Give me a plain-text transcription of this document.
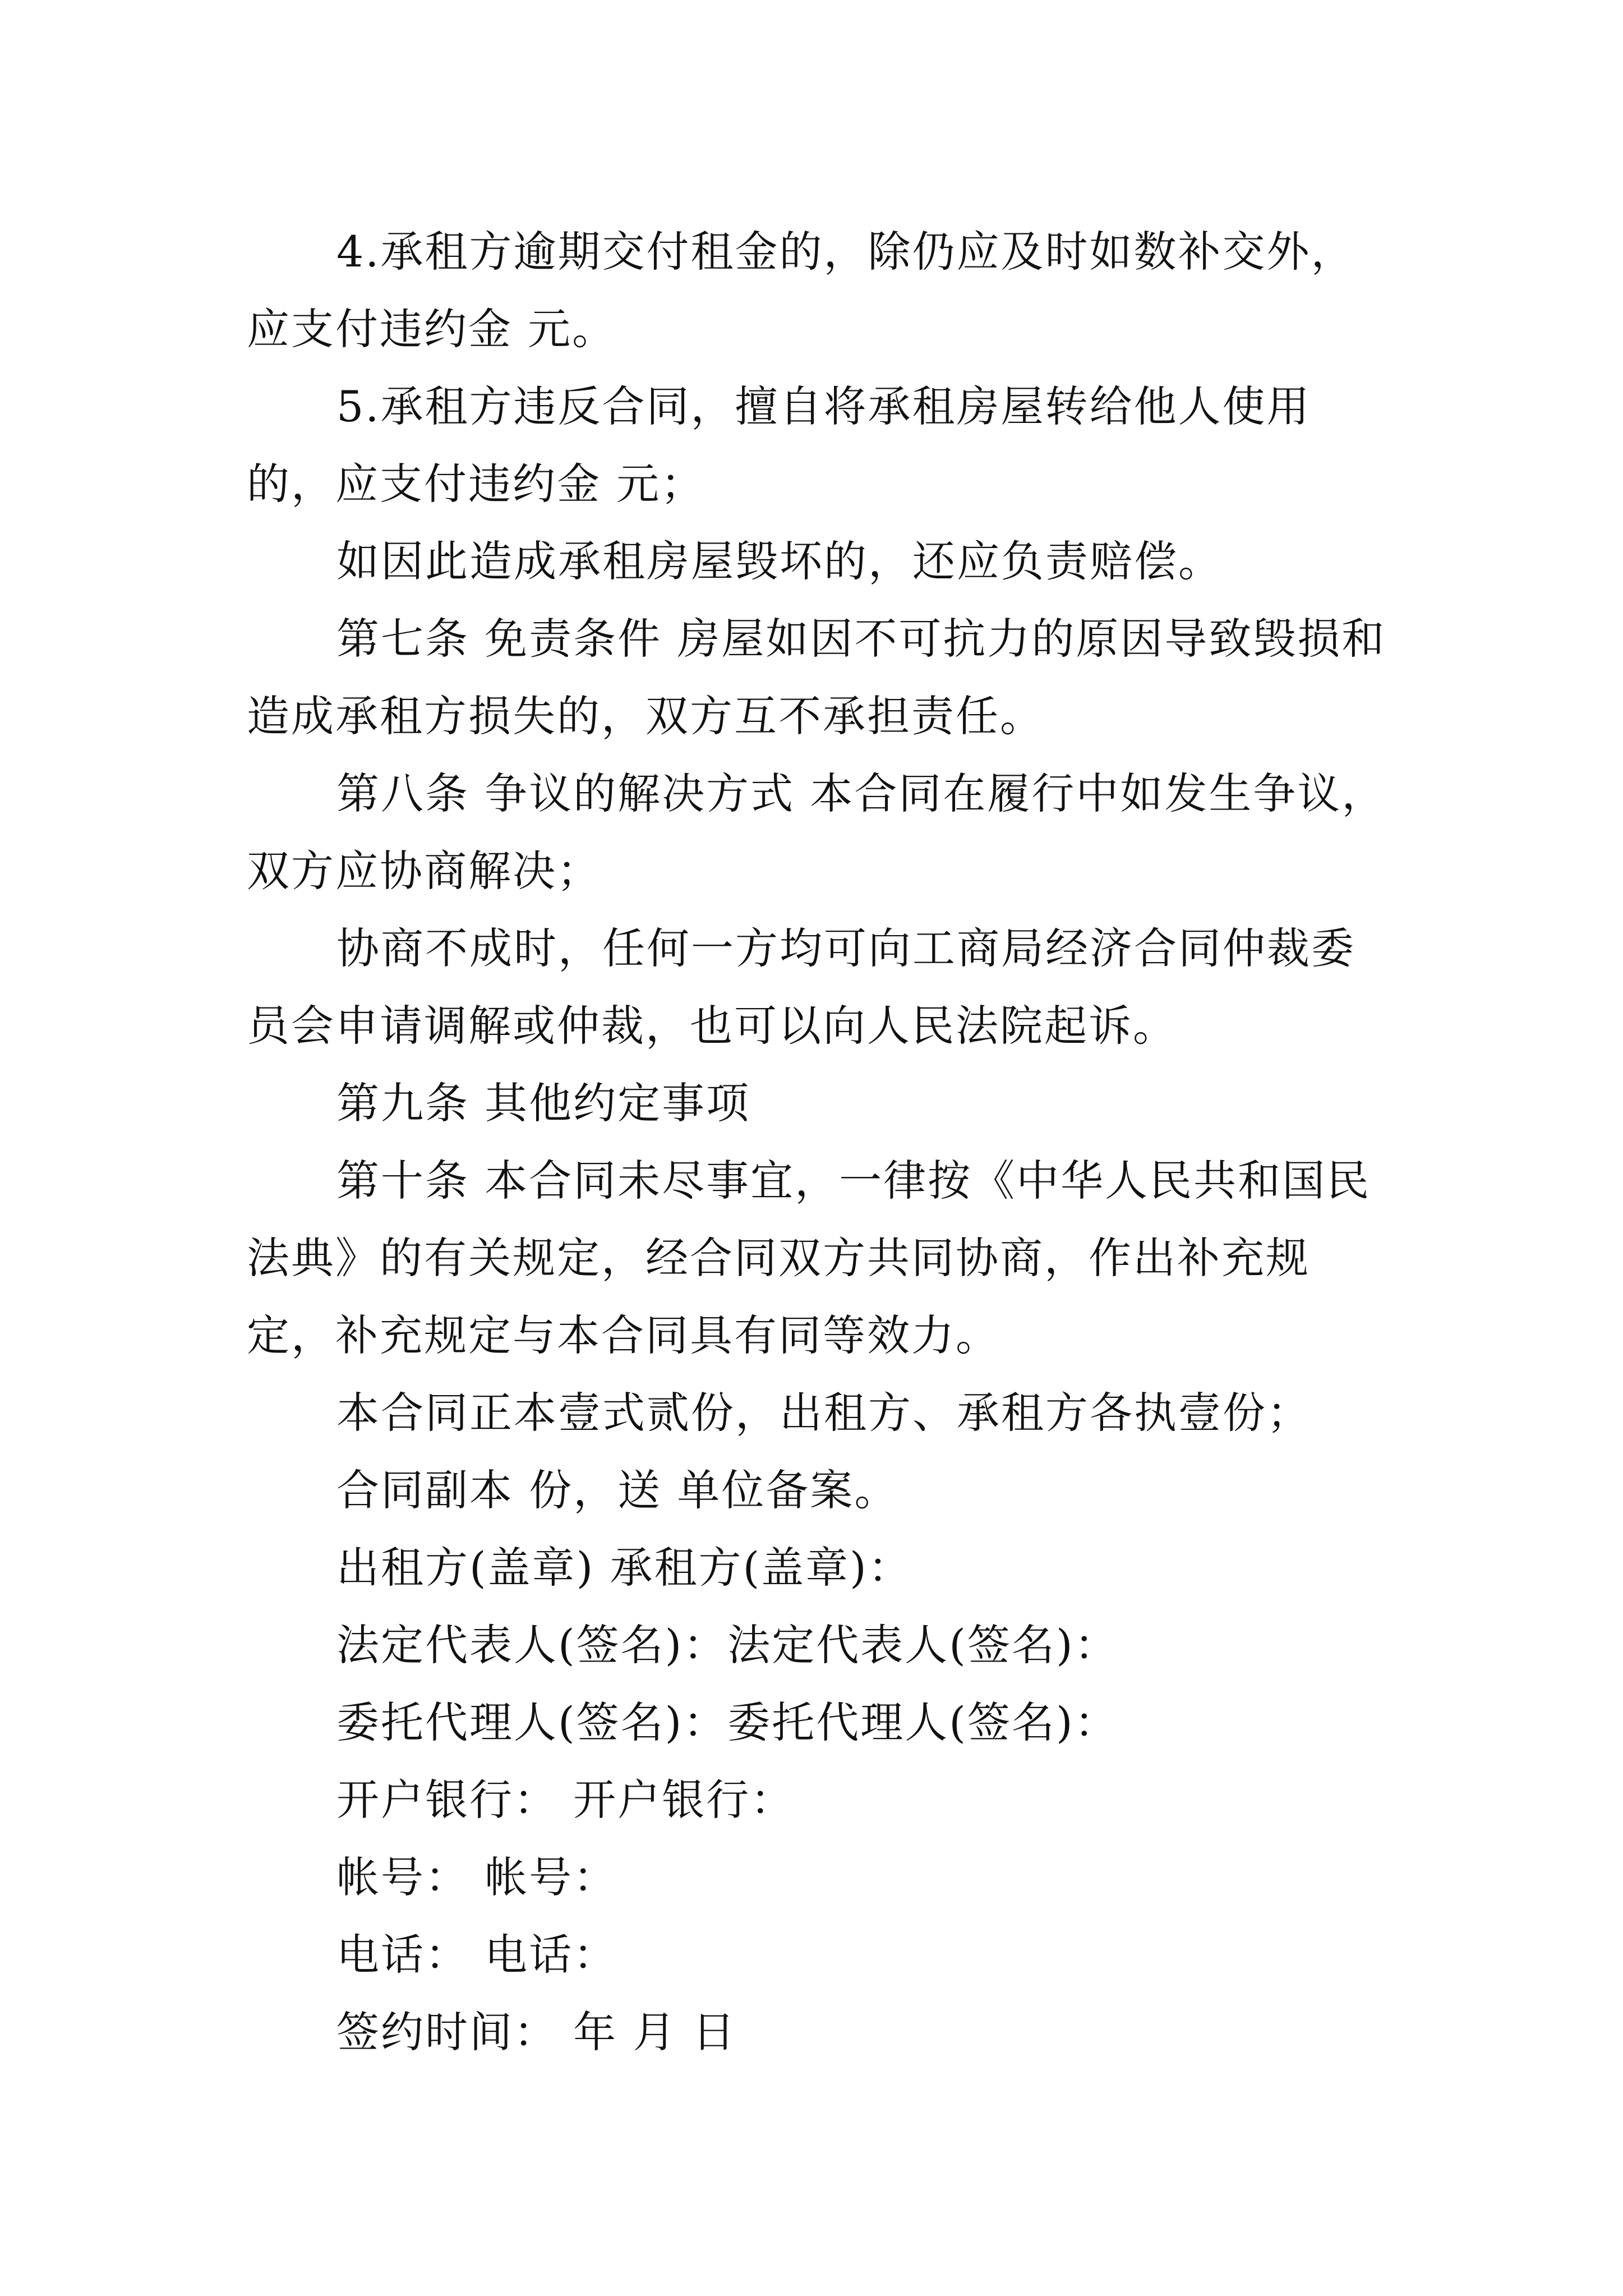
4.承租方逾期交付租金的，除仍应及时如数补交外，应支付违约金 元。

5.承租方违反合同，擅自将承租房屋转给他人使用的，应支付违约金 元；

如因此造成承租房屋毁坏的，还应负责赔偿。

第七条 免责条件 房屋如因不可抗力的原因导致毁损和造成承租方损失的，双方互不承担责任。

第八条 争议的解决方式 本合同在履行中如发生争议，双方应协商解决；

协商不成时，任何一方均可向工商局经济合同仲裁委员会申请调解或仲裁，也可以向人民法院起诉。

第九条 其他约定事项

第十条 本合同未尽事宜，一律按《中华人民共和国民法典》的有关规定，经合同双方共同协商，作出补充规定，补充规定与本合同具有同等效力。

本合同正本壹式贰份，出租方、承租方各执壹份；

合同副本 份，送 单位备案。

出租方(盖章) 承租方(盖章)：

法定代表人(签名)：法定代表人(签名)：

委托代理人(签名)：委托代理人(签名)：

开户银行： 开户银行：

帐号： 帐号：

电话： 电话：

签约时间： 年 月 日
